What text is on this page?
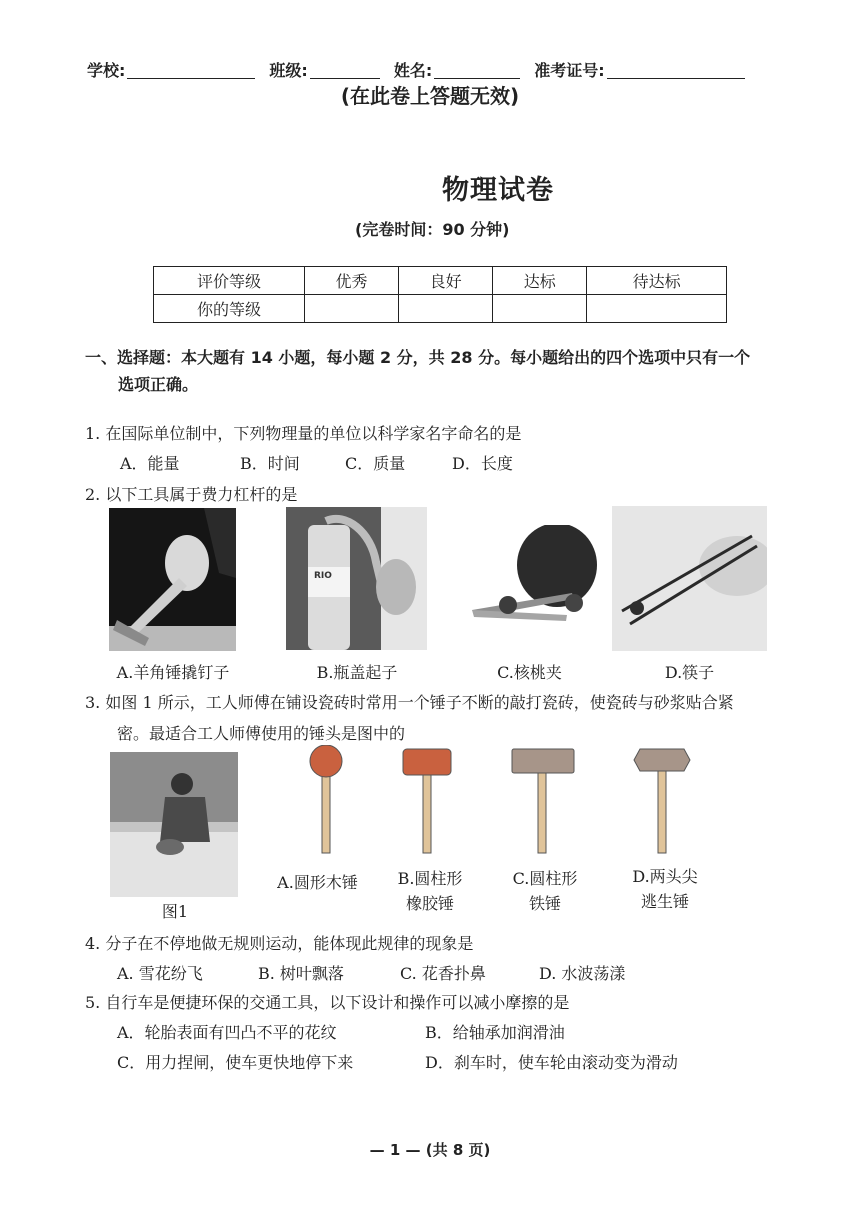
学校:	班级:	姓名:	准考证号:
(在此卷上答题无效)
物理试卷
(完卷时间：90 分钟)
评价等级	优秀	良好	达标	待达标
你的等级				
一、选择题：本大题有 14 小题，每小题 2 分，共 28 分。每小题给出的四个选项中只有一个
选项正确。
1. 在国际单位制中，下列物理量的单位以科学家名字命名的是
A．能量	B．时间	C．质量	D．长度
2. 以下工具属于费力杠杆的是
A.羊角锤撬钉子
RIO
B.瓶盖起子	C.核桃夹	D.筷子
3. 如图 1 所示，工人师傅在铺设瓷砖时常用一个锤子不断的敲打瓷砖，使瓷砖与砂浆贴合紧
密。最适合工人师傅使用的锤头是图中的
图1
A.圆形木锤	B.圆柱形
橡胶锤
C.圆柱形
铁锤
D.两头尖
逃生锤
4. 分子在不停地做无规则运动，能体现此规律的现象是
A. 雪花纷飞	B. 树叶飘落	C. 花香扑鼻	D. 水波荡漾
5. 自行车是便捷环保的交通工具，以下设计和操作可以减小摩擦的是
A．轮胎表面有凹凸不平的花纹	B．给轴承加润滑油
C．用力捏闸，使车更快地停下来	D．刹车时，使车轮由滚动变为滑动
— 1 — (共 8 页)
